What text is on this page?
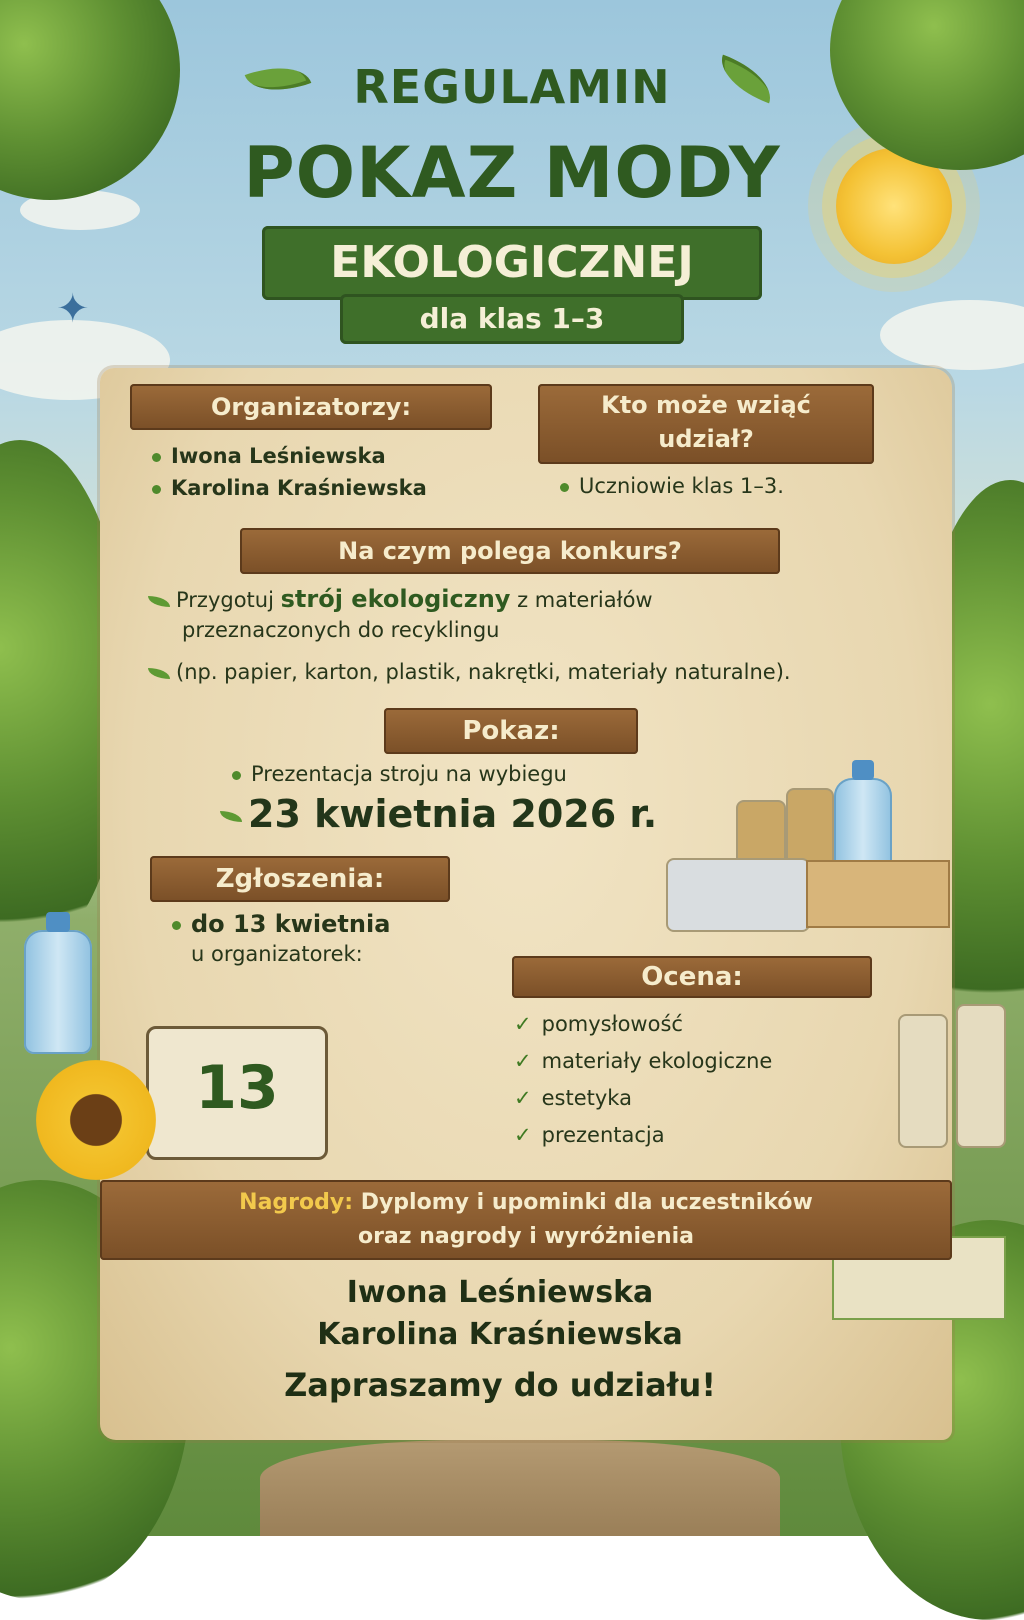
✦
REGULAMIN
POKAZ MODY
EKOLOGICZNEJ
dla klas 1–3
Organizatorzy:
Iwona Leśniewska
Karolina Kraśniewska
Kto może wziąć
udział?
Uczniowie klas 1–3.
Na czym polega konkurs?
Przygotuj strój ekologiczny z materiałów
przeznaczonych do recyklingu
(np. papier, karton, plastik, nakrętki, materiały naturalne).
Pokaz:
Prezentacja stroju na wybiegu
23 kwietnia 2026 r.
Zgłoszenia:
do 13 kwietnia
u organizatorek:
13
Ocena:
✓ pomysłowość
✓ materiały ekologiczne
✓ estetyka
✓ prezentacja
Nagrody: Dyplomy i upominki dla uczestników
oraz nagrody i wyróżnienia
Iwona Leśniewska
Karolina Kraśniewska
Zapraszamy do udziału!
